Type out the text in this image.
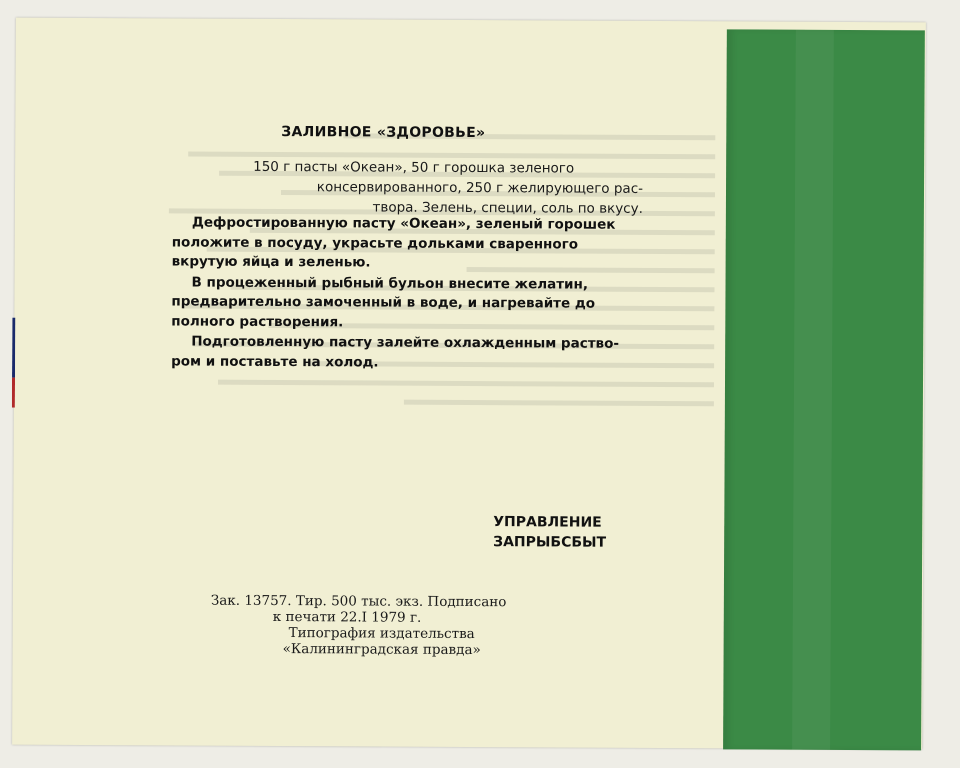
ЗАЛИВНОЕ «ЗДОРОВЬЕ»
150 г пасты «Океан», 50 г горошка зеленого
консервированного, 250 г желирующего рас-
твора. Зелень, специи, соль по вкусу.
Дефростированную пасту «Океан», зеленый горошек
положите в посуду, украсьте дольками сваренного
вкрутую яйца и зеленью.
В процеженный рыбный бульон внесите желатин,
предварительно замоченный в воде, и нагревайте до
полного растворения.
Подготовленную пасту залейте охлажденным раство-
ром и поставьте на холод.
УПРАВЛЕНИЕ
ЗАПРЫБСБЫТ
Зак. 13757. Тир. 500 тыс. экз. Подписано
к печати 22.I 1979 г.
Типография издательства
«Калининградская правда»
